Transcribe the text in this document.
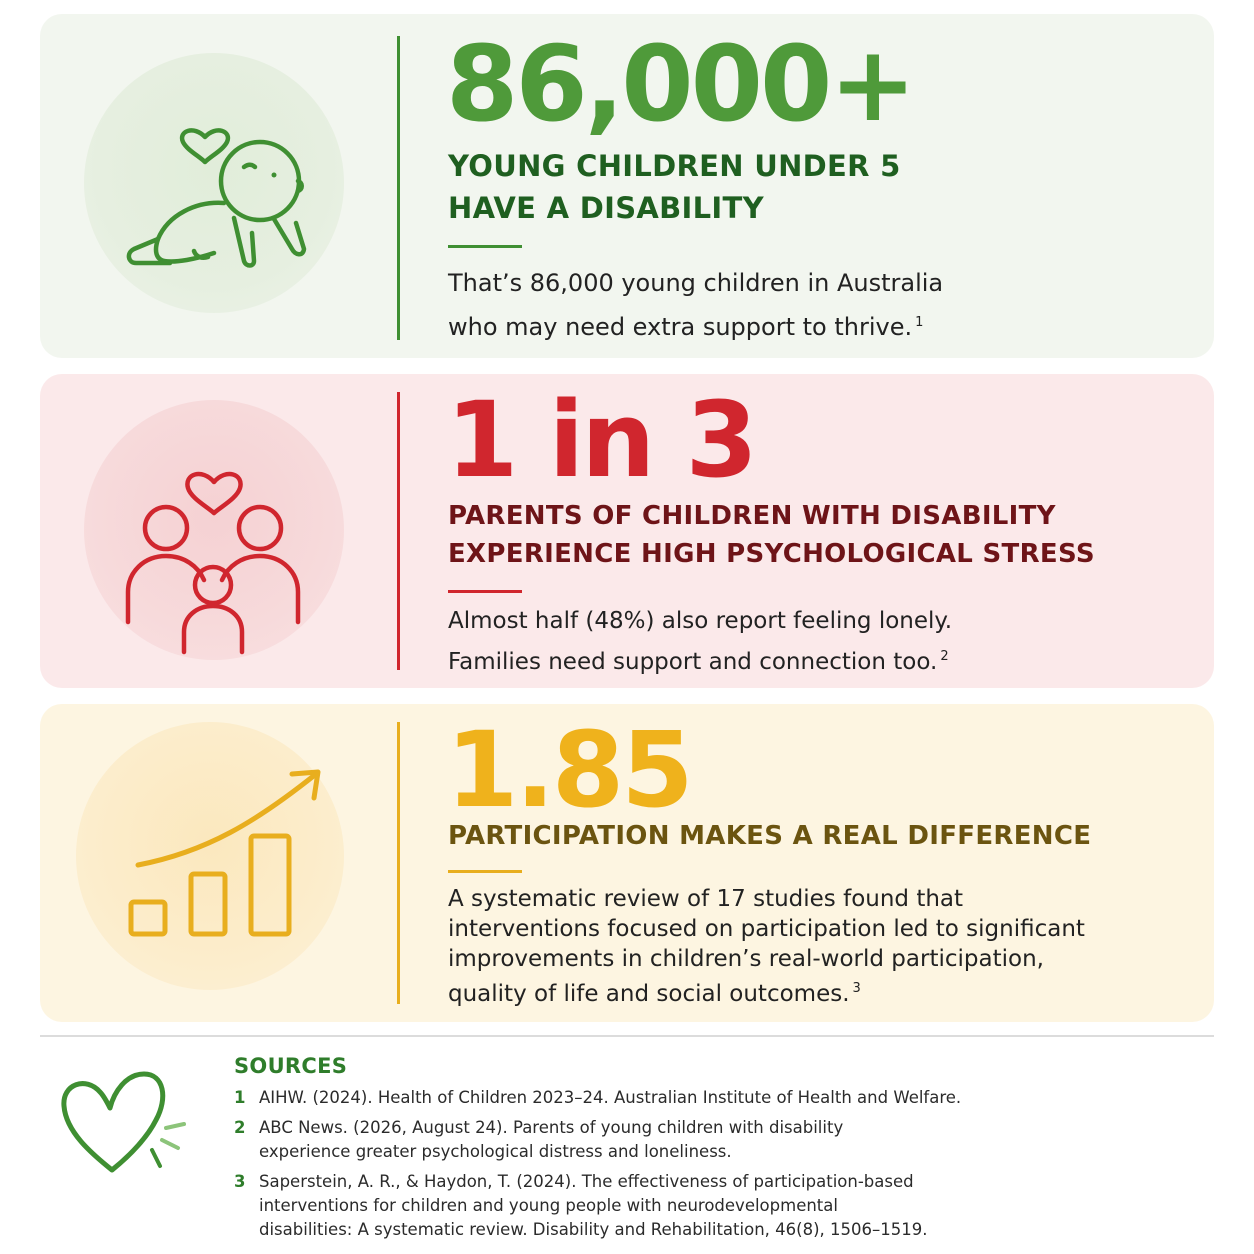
86,000+
YOUNG CHILDREN UNDER 5
HAVE A DISABILITY
That’s 86,000 young children in Australia
who may need extra support to thrive. $^1$
1 in 3
PARENTS OF CHILDREN WITH DISABILITY
EXPERIENCE HIGH PSYCHOLOGICAL STRESS
Almost half (48%) also report feeling lonely.
Families need support and connection too. $^2$
1.85
PARTICIPATION MAKES A REAL DIFFERENCE
A systematic review of 17 studies found that
interventions focused on participation led to significant
improvements in children’s real-world participation,
quality of life and social outcomes. $^3$
SOURCES
1 AIHW. (2024). Health of Children 2023–24. Australian Institute of Health and Welfare.
2 ABC News. (2026, August 24). Parents of young children with disability
experience greater psychological distress and loneliness.
3 Saperstein, A. R., & Haydon, T. (2024). The effectiveness of participation-based
interventions for children and young people with neurodevelopmental
disabilities: A systematic review. Disability and Rehabilitation, 46(8), 1506–1519.
